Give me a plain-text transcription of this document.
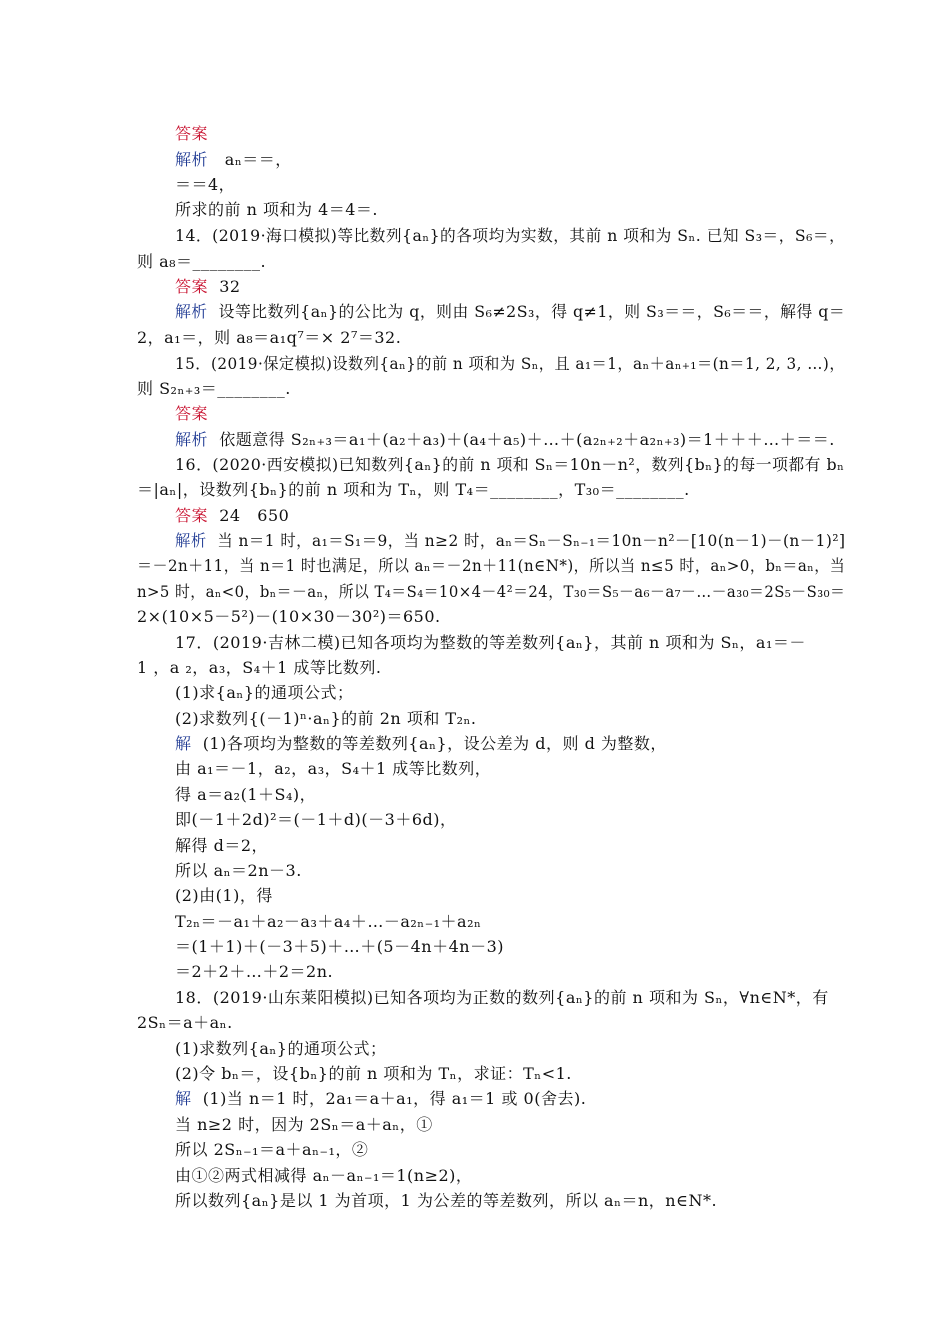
答案
解析   aₙ＝＝，
＝＝4，
所求的前 n 项和为 4＝4＝.
14．(2019·海口模拟)等比数列{aₙ}的各项均为实数，其前 n 项和为 Sₙ. 已知 S₃＝，S₆＝，
则 a₈＝________.
答案  32
解析  设等比数列{aₙ}的公比为 q，则由 S₆≠2S₃，得 q≠1，则 S₃＝＝，S₆＝＝，解得 q＝
2，a₁＝，则 a₈＝a₁q⁷＝× 2⁷＝32.
15．(2019·保定模拟)设数列{aₙ}的前 n 项和为 Sₙ，且 a₁＝1，aₙ＋aₙ₊₁＝(n＝1, 2, 3, …)，
则 S₂ₙ₊₃＝________.
答案
解析  依题意得 S₂ₙ₊₃＝a₁＋(a₂＋a₃)＋(a₄＋a₅)＋…＋(a₂ₙ₊₂＋a₂ₙ₊₃)＝1＋＋＋…＋＝＝.
16．(2020·西安模拟)已知数列{aₙ}的前 n 项和 Sₙ＝10n－n²，数列{bₙ}的每一项都有 bₙ
＝|aₙ|，设数列{bₙ}的前 n 项和为 Tₙ，则 T₄＝________，T₃₀＝________.
答案  24   650
解析  当 n＝1 时，a₁＝S₁＝9，当 n≥2 时，aₙ＝Sₙ－Sₙ₋₁＝10n－n²－[10(n－1)－(n－1)²]
＝－2n＋11，当 n＝1 时也满足，所以 aₙ＝－2n＋11(n∈N*)，所以当 n≤5 时，aₙ>0，bₙ＝aₙ，当
n>5 时，aₙ<0，bₙ＝－aₙ，所以 T₄＝S₄＝10×4－4²＝24，T₃₀＝S₅－a₆－a₇－…－a₃₀＝2S₅－S₃₀＝
2×(10×5－5²)－(10×30－30²)＝650.
17．(2019·吉林二模)已知各项均为整数的等差数列{aₙ}，其前 n 项和为 Sₙ，a₁＝－
1 ，a ₂，a₃，S₄＋1 成等比数列.
(1)求{aₙ}的通项公式；
(2)求数列{(－1)ⁿ·aₙ}的前 2n 项和 T₂ₙ.
解  (1)各项均为整数的等差数列{aₙ}，设公差为 d，则 d 为整数，
由 a₁＝－1，a₂，a₃，S₄＋1 成等比数列，
得 a＝a₂(1＋S₄)，
即(－1＋2d)²＝(－1＋d)(－3＋6d)，
解得 d＝2，
所以 aₙ＝2n－3.
(2)由(1)，得
T₂ₙ＝－a₁＋a₂－a₃＋a₄＋…－a₂ₙ₋₁＋a₂ₙ
＝(1＋1)＋(－3＋5)＋…＋(5－4n＋4n－3)
＝2＋2＋…＋2＝2n.
18．(2019·山东莱阳模拟)已知各项均为正数的数列{aₙ}的前 n 项和为 Sₙ，∀n∈N*，有
2Sₙ＝a＋aₙ.
(1)求数列{aₙ}的通项公式；
(2)令 bₙ＝，设{bₙ}的前 n 项和为 Tₙ，求证：Tₙ<1.
解  (1)当 n＝1 时，2a₁＝a＋a₁，得 a₁＝1 或 0(舍去).
当 n≥2 时，因为 2Sₙ＝a＋aₙ，①
所以 2Sₙ₋₁＝a＋aₙ₋₁，②
由①②两式相减得 aₙ－aₙ₋₁＝1(n≥2)，
所以数列{aₙ}是以 1 为首项，1 为公差的等差数列，所以 aₙ＝n，n∈N*.
